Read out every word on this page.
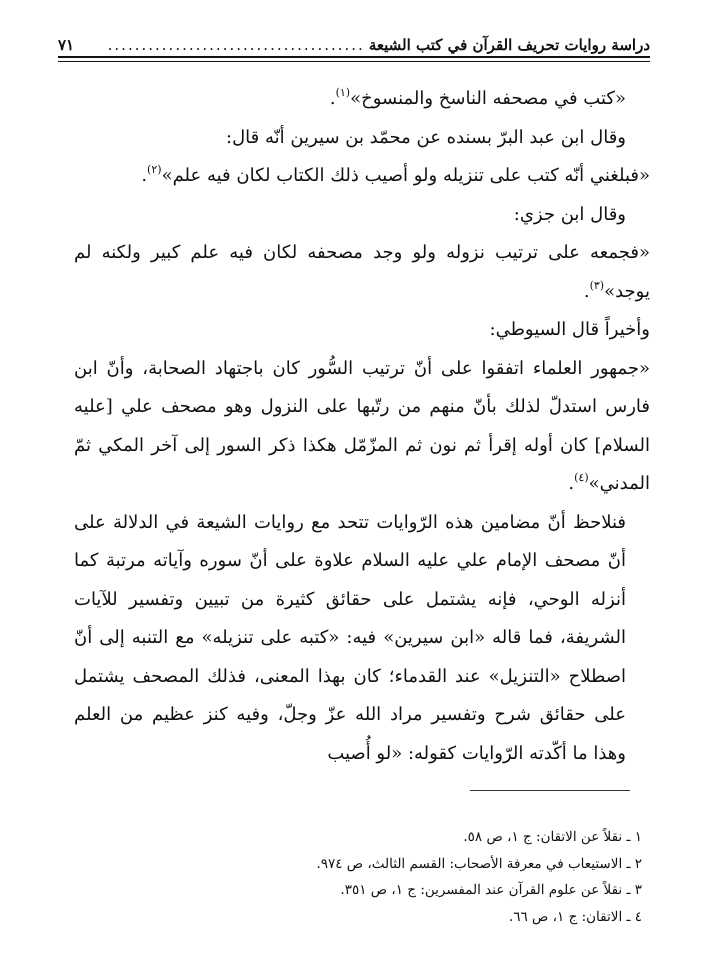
دراسة روايات تحريف القرآن في كتب الشيعة
......................................
٧١

«كتب في مصحفه الناسخ والمنسوخ»$^{(١)}$.

وقال ابن عبد البرّ بسنده عن محمّد بن سيرين أنّه قال:

«فبلغني أنّه كتب على تنزيله ولو أصيب ذلك الكتاب لكان فيه علم»$^{(٢)}$.

وقال ابن جزي:

«فجمعه على ترتيب نزوله ولو وجد مصحفه لكان فيه علم كبير ولكنه لم يوجد»$^{(٣)}$.

وأخيراً قال السيوطي:

«جمهور العلماء اتفقوا على أنّ ترتيب السُّور كان باجتهاد الصحابة، وأنّ ابن فارس استدلّ لذلك بأنّ منهم من رتّبها على النزول وهو مصحف علي [عليه السلام] كان أوله إقرأ ثم نون ثم المزّمّل هكذا ذكر السور إلى آخر المكي ثمّ المدني»$^{(٤)}$.

فنلاحظ أنّ مضامين هذه الرّوايات تتحد مع روايات الشيعة في الدلالة على أنّ مصحف الإمام علي عليه السلام علاوة على أنّ سوره وآياته مرتبة كما أنزله الوحي، فإنه يشتمل على حقائق كثيرة من تبيين وتفسير للآيات الشريفة، فما قاله «ابن سيرين» فيه: «كتبه على تنزيله» مع التنبه إلى أنّ اصطلاح «التنزيل» عند القدماء؛ كان بهذا المعنى، فذلك المصحف يشتمل على حقائق شرح وتفسير مراد الله عزّ وجلّ، وفيه كنز عظيم من العلم وهذا ما أكّدته الرّوايات كقوله: «لو أُصيب

١ ـ نقلاً عن الاتقان: ج ١، ص ٥٨.
٢ ـ الاستيعاب في معرفة الأصحاب: القسم الثالث، ص ٩٧٤.
٣ ـ نقلاً عن علوم القرآن عند المفسرين: ج ١، ص ٣٥١.
٤ ـ الاتقان: ج ١، ص ٦٦.
